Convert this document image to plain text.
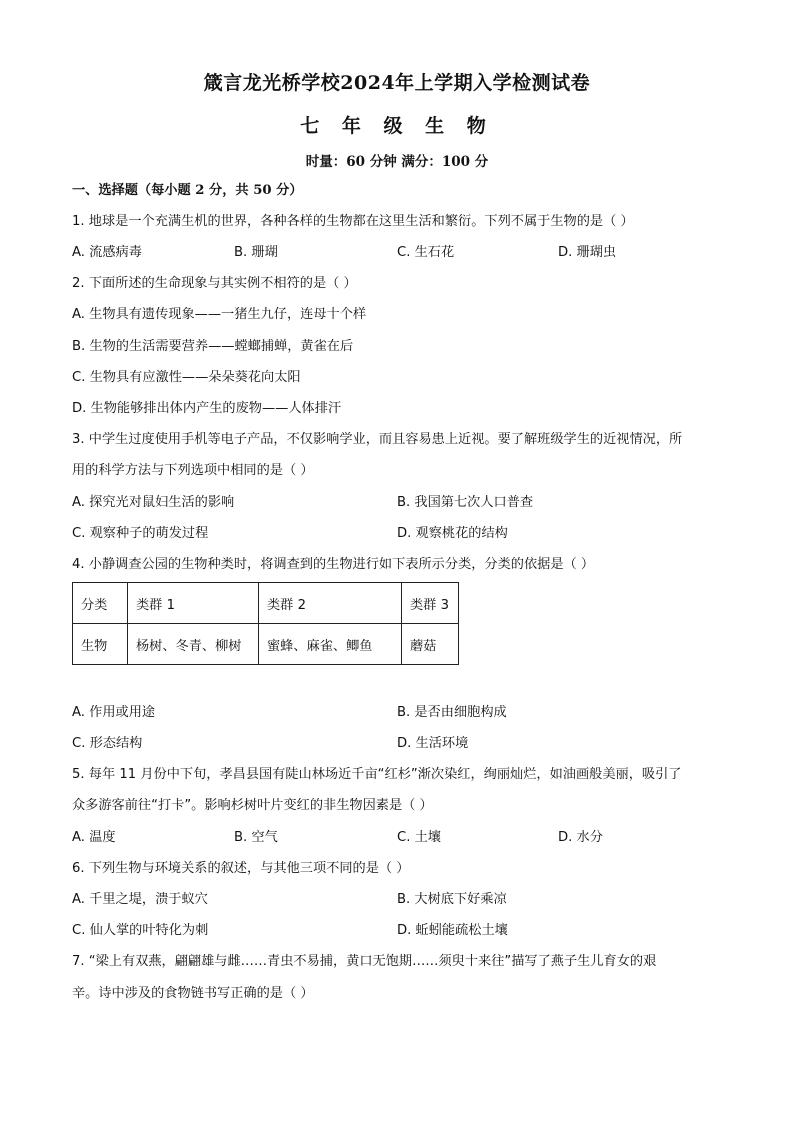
箴言龙光桥学校2024年上学期入学检测试卷
七 年 级 生 物
时量：60 分钟 满分：100 分
一、选择题（每小题 2 分，共 50 分）
1. 地球是一个充满生机的世界，各种各样的生物都在这里生活和繁衍。下列不属于生物的是（ ）
A. 流感病毒	B. 珊瑚	C. 生石花	D. 珊瑚虫
2. 下面所述的生命现象与其实例不相符的是（ ）
A. 生物具有遗传现象——一猪生九仔，连母十个样
B. 生物的生活需要营养——螳螂捕蝉，黄雀在后
C. 生物具有应激性——朵朵葵花向太阳
D. 生物能够排出体内产生的废物——人体排汗
3. 中学生过度使用手机等电子产品，不仅影响学业，而且容易患上近视。要了解班级学生的近视情况，所
用的科学方法与下列选项中相同的是（ ）
A. 探究光对鼠妇生活的影响	B. 我国第七次人口普查
C. 观察种子的萌发过程	D. 观察桃花的结构
4. 小静调查公园的生物种类时，将调查到的生物进行如下表所示分类，分类的依据是（ ）
分类	类群 1	类群 2	类群 3
生物	杨树、冬青、柳树	蜜蜂、麻雀、鲫鱼	蘑菇
A. 作用或用途	B. 是否由细胞构成
C. 形态结构	D. 生活环境
5. 每年 11 月份中下旬，孝昌县国有陡山林场近千亩“红杉”渐次染红，绚丽灿烂，如油画般美丽，吸引了
众多游客前往“打卡”。影响杉树叶片变红的非生物因素是（ ）
A. 温度	B. 空气	C. 土壤	D. 水分
6. 下列生物与环境关系的叙述，与其他三项不同的是（ ）
A. 千里之堤，溃于蚁穴	B. 大树底下好乘凉
C. 仙人掌的叶特化为刺	D. 蚯蚓能疏松土壤
7. “梁上有双燕，翩翩雄与雌……青虫不易捕，黄口无饱期……须臾十来往”描写了燕子生儿育女的艰
辛。诗中涉及的食物链书写正确的是（ ）
